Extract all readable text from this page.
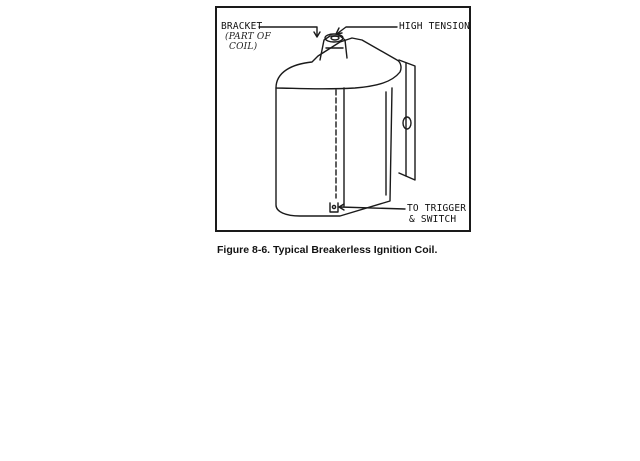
BRACKET
(PART OF
COIL)
HIGH TENSION
TO TRIGGER
& SWITCH
Figure 8-6. Typical Breakerless Ignition Coil.
